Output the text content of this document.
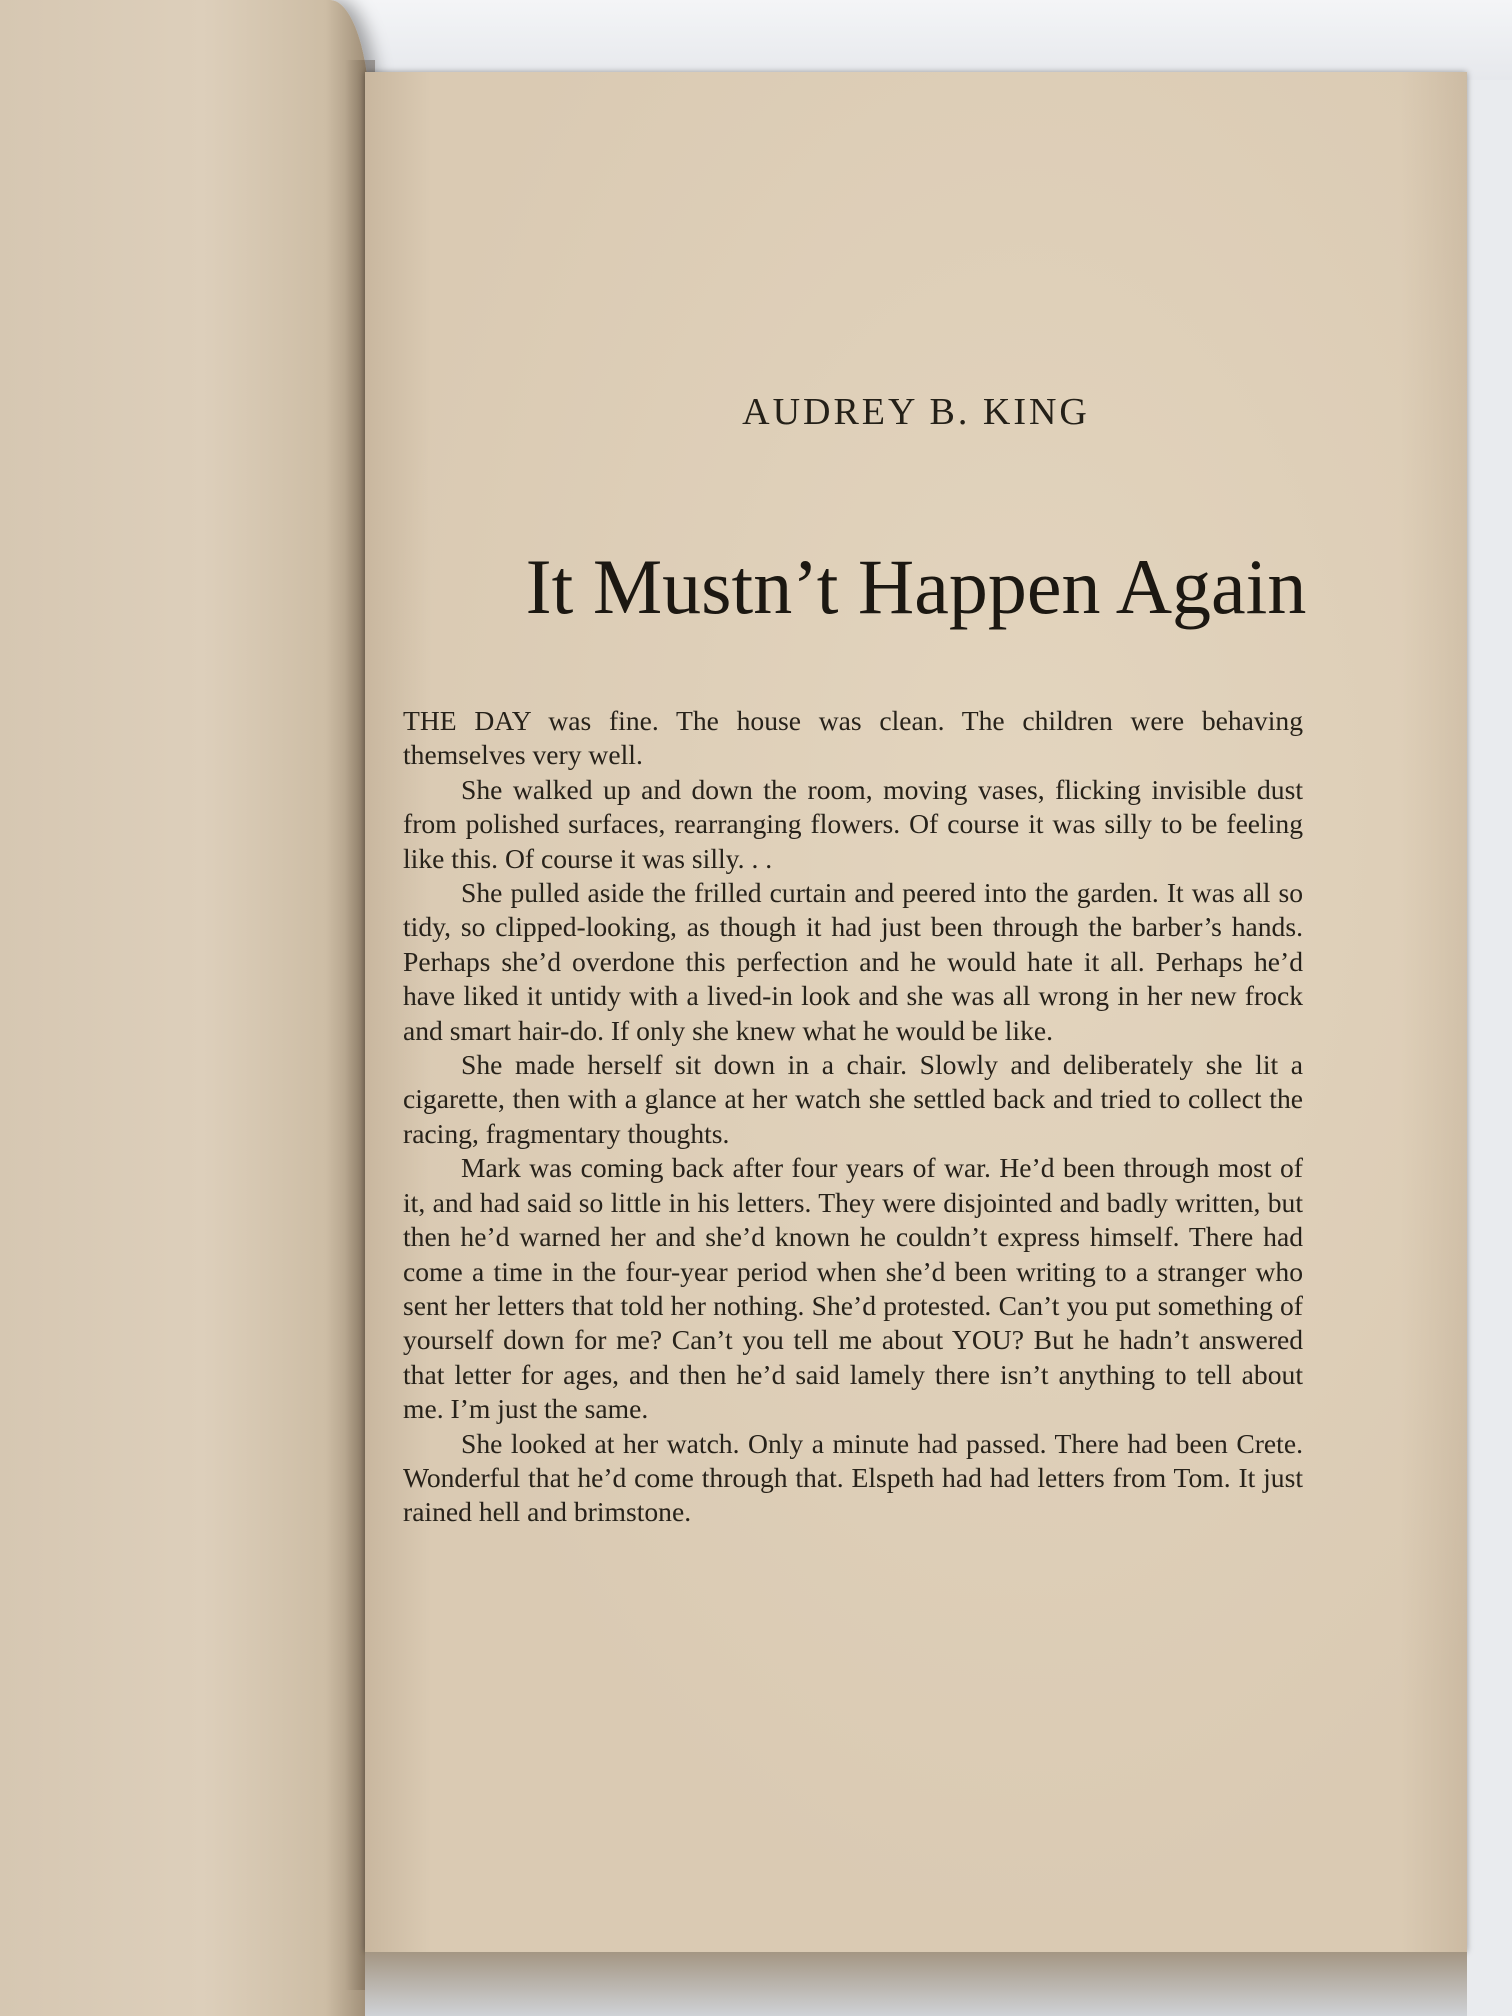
AUDREY B. KING
It Mustn’t Happen Again

THE DAY was fine. The house was clean. The children were behaving themselves very well.

She walked up and down the room, moving vases, flicking invisible dust from polished surfaces, rearranging flowers. Of course it was silly to be feeling like this. Of course it was silly. . .

She pulled aside the frilled curtain and peered into the garden. It was all so tidy, so clipped-looking, as though it had just been through the barber’s hands. Perhaps she’d overdone this perfection and he would hate it all. Perhaps he’d have liked it untidy with a lived-in look and she was all wrong in her new frock and smart hair-do. If only she knew what he would be like.

She made herself sit down in a chair. Slowly and deliberately she lit a cigarette, then with a glance at her watch she settled back and tried to collect the racing, fragmentary thoughts.

Mark was coming back after four years of war. He’d been through most of it, and had said so little in his letters. They were disjointed and badly written, but then he’d warned her and she’d known he couldn’t express himself. There had come a time in the four-year period when she’d been writing to a stranger who sent her letters that told her nothing. She’d protested. Can’t you put something of yourself down for me? Can’t you tell me about YOU? But he hadn’t answered that letter for ages, and then he’d said lamely there isn’t anything to tell about me. I’m just the same.

She looked at her watch. Only a minute had passed. There had been Crete. Wonderful that he’d come through that. Elspeth had had letters from Tom. It just rained hell and brimstone.
